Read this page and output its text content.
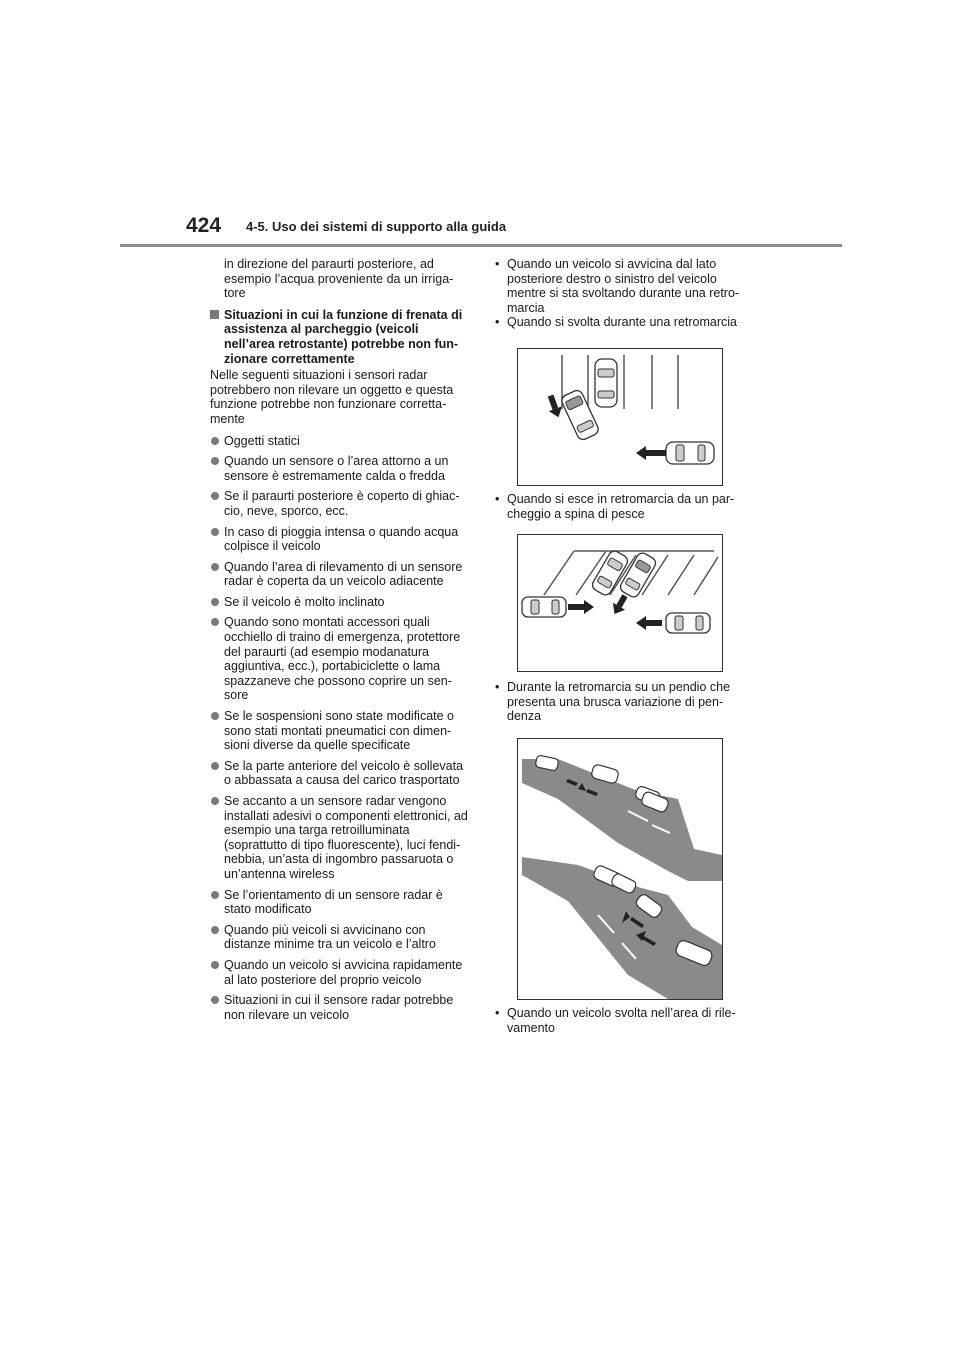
424 4-5. Uso dei sistemi di supporto alla guida

in direzione del paraurti posteriore, ad esempio l’acqua proveniente da un irriga-tore

Situazioni in cui la funzione di frenata di assistenza al parcheggio (veicoli nell’area retrostante) potrebbe non fun-zionare correttamente

Nelle seguenti situazioni i sensori radar potrebbero non rilevare un oggetto e questa funzione potrebbe non funzionare corretta-mente

Oggetti statici
Quando un sensore o l’area attorno a un sensore è estremamente calda o fredda
Se il paraurti posteriore è coperto di ghiac-cio, neve, sporco, ecc.
In caso di pioggia intensa o quando acqua colpisce il veicolo
Quando l’area di rilevamento di un sensore radar è coperta da un veicolo adiacente
Se il veicolo è molto inclinato
Quando sono montati accessori quali occhiello di traino di emergenza, protettore del paraurti (ad esempio modanatura aggiuntiva, ecc.), portabiciclette o lama spazzaneve che possono coprire un sen-sore
Se le sospensioni sono state modificate o sono stati montati pneumatici con dimen-sioni diverse da quelle specificate
Se la parte anteriore del veicolo è sollevata o abbassata a causa del carico trasportato
Se accanto a un sensore radar vengono installati adesivi o componenti elettronici, ad esempio una targa retroilluminata (soprattutto di tipo fluorescente), luci fendi-nebbia, un’asta di ingombro passaruota o un’antenna wireless
Se l’orientamento di un sensore radar è stato modificato
Quando più veicoli si avvicinano con distanze minime tra un veicolo e l’altro
Quando un veicolo si avvicina rapidamente al lato posteriore del proprio veicolo
Situazioni in cui il sensore radar potrebbe non rilevare un veicolo
• Quando un veicolo si avvicina dal lato posteriore destro o sinistro del veicolo mentre si sta svoltando durante una retro-marcia
• Quando si svolta durante una retromarcia
• Quando si esce in retromarcia da un par-cheggio a spina di pesce
• Durante la retromarcia su un pendio che presenta una brusca variazione di pen-denza
• Quando un veicolo svolta nell’area di rile-vamento
